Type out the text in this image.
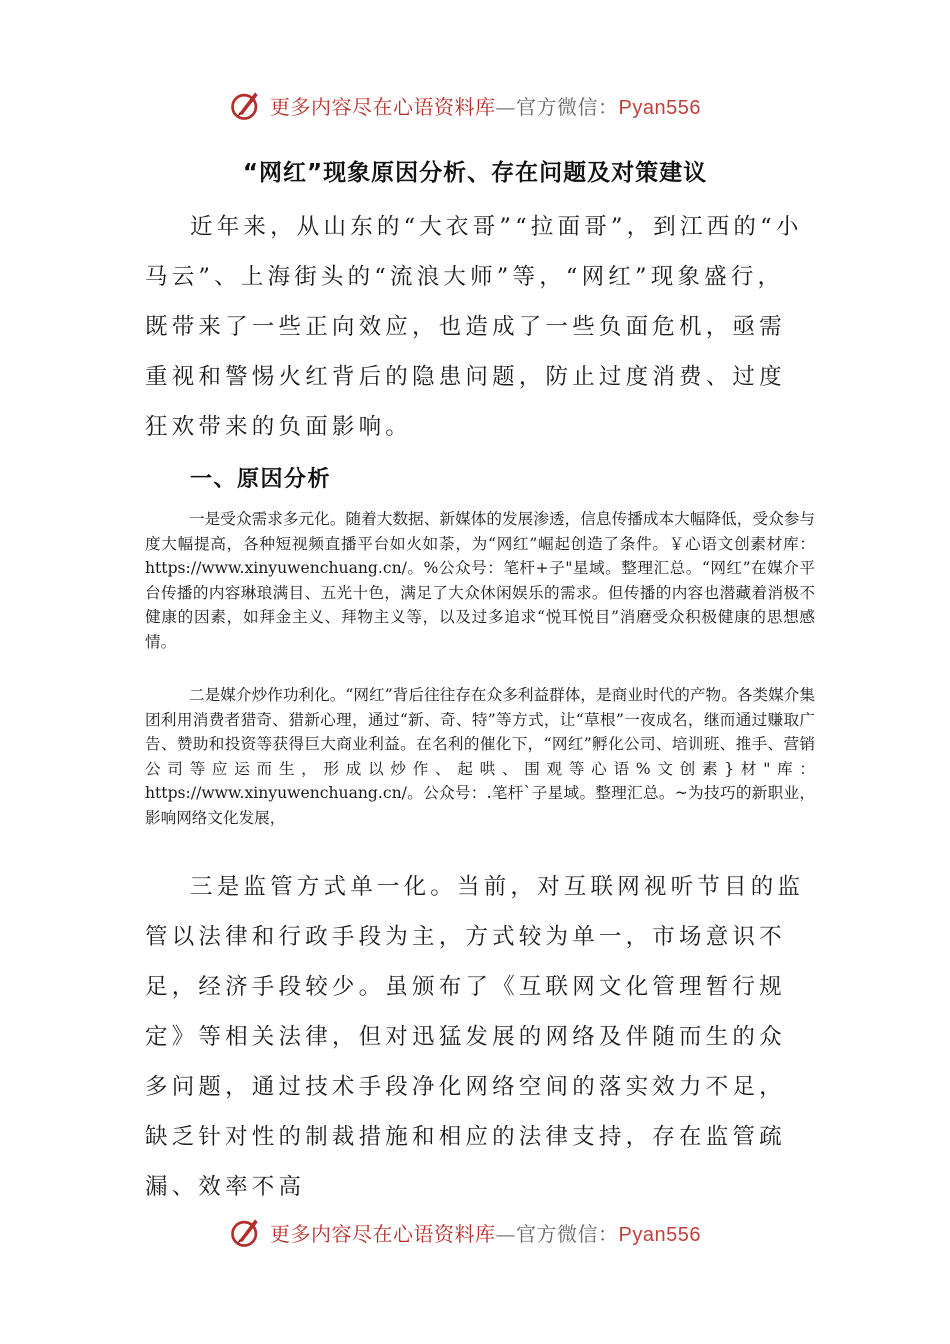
更多内容尽在心语资料库—官方微信：Pyan556
“网红”现象原因分析、存在问题及对策建议

近年来，从山东的“大衣哥”“拉面哥”，到江西的“小马云”、上海街头的“流浪大师”等，“网红”现象盛行，既带来了一些正向效应，也造成了一些负面危机，亟需重视和警惕火红背后的隐患问题，防止过度消费、过度狂欢带来的负面影响。

一、原因分析

一是受众需求多元化。随着大数据、新媒体的发展渗透，信息传播成本大幅降低，受众参与度大幅提高，各种短视频直播平台如火如荼，为“网红”崛起创造了条件。￥心语文创素材库：https://www.xinyuwenchuang.cn/。%公众号：笔杆+子"星域。整理汇总。“网红”在媒介平台传播的内容琳琅满目、五光十色，满足了大众休闲娱乐的需求。但传播的内容也潜藏着消极不健康的因素，如拜金主义、拜物主义等，以及过多追求“悦耳悦目”消磨受众积极健康的思想感情。

二是媒介炒作功利化。“网红”背后往往存在众多利益群体，是商业时代的产物。各类媒介集团利用消费者猎奇、猎新心理，通过“新、奇、特”等方式，让“草根”一夜成名，继而通过赚取广告、赞助和投资等获得巨大商业利益。在名利的催化下，“网红”孵化公司、培训班、推手、营销公司等应运而生，形成以炒作、起哄、围观等心语%文创素}材"库：https://www.xinyuwenchuang.cn/。公众号：.笔杆`子星域。整理汇总。~为技巧的新职业，影响网络文化发展，

三是监管方式单一化。当前，对互联网视听节目的监管以法律和行政手段为主，方式较为单一，市场意识不足，经济手段较少。虽颁布了《互联网文化管理暂行规定》等相关法律，但对迅猛发展的网络及伴随而生的众多问题，通过技术手段净化网络空间的落实效力不足，缺乏针对性的制裁措施和相应的法律支持，存在监管疏漏、效率不高

更多内容尽在心语资料库—官方微信：Pyan556
